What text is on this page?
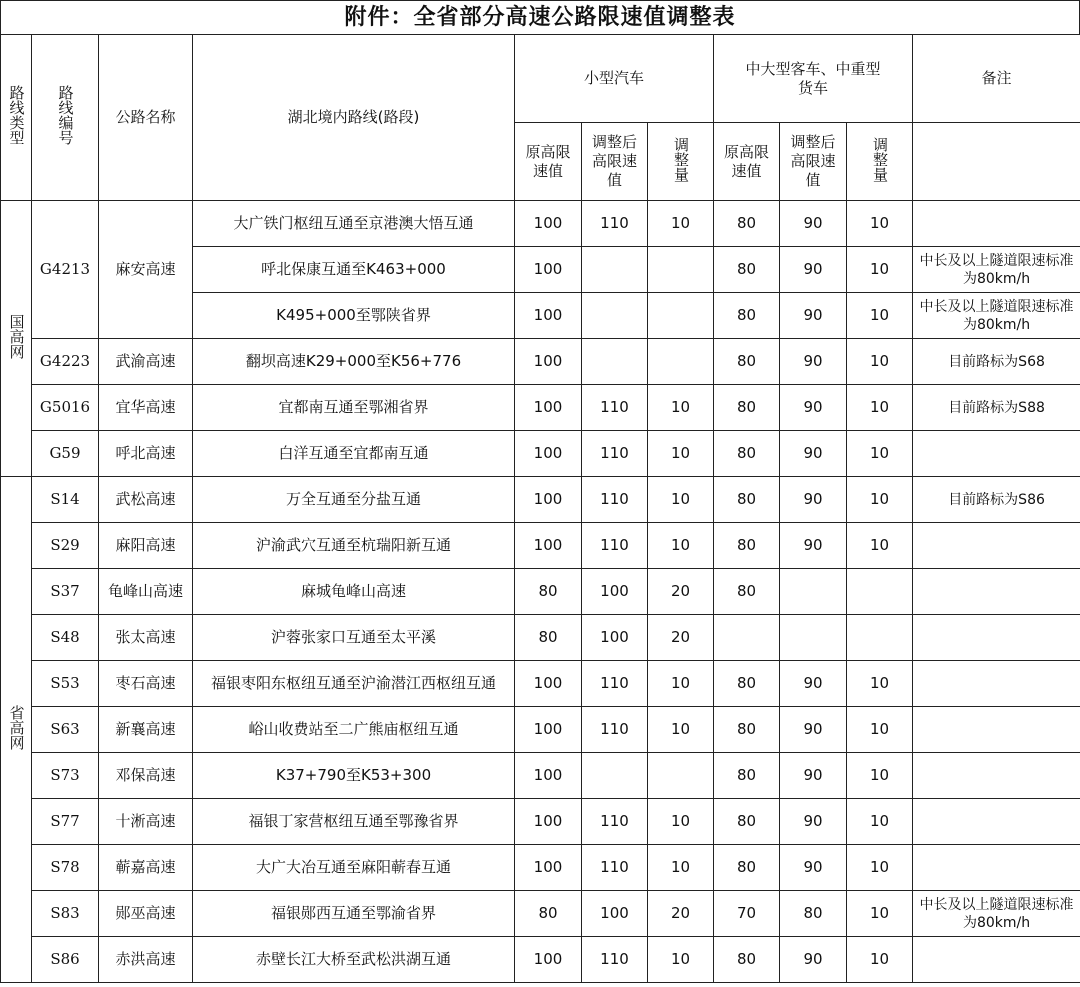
附件：全省部分高速公路限速值调整表
路线类型	路线编号	公路名称	湖北境内路线(路段)	小型汽车			中大型客车、中重型货车			备注

				原高限速值	调整后高限速值	调整量	原高限速值	调整后高限速值	调整量	
国高网	G4213	麻安高速	大广铁门枢纽互通至京港澳大悟互通	100	110	10	80	90	10	
			呼北保康互通至K463+000	100			80	90	10	中长及以上隧道限速标准为80km/h
			K495+000至鄂陕省界	100			80	90	10	中长及以上隧道限速标准为80km/h
	G4223	武渝高速	翻坝高速K29+000至K56+776	100			80	90	10	目前路标为S68
	G5016	宜华高速	宜都南互通至鄂湘省界	100	110	10	80	90	10	目前路标为S88
	G59	呼北高速	白洋互通至宜都南互通	100	110	10	80	90	10	
省高网	S14	武松高速	万全互通至分盐互通	100	110	10	80	90	10	目前路标为S86
	S29	麻阳高速	沪渝武穴互通至杭瑞阳新互通	100	110	10	80	90	10	
	S37	龟峰山高速	麻城龟峰山高速	80	100	20	80			
	S48	张太高速	沪蓉张家口互通至太平溪	80	100	20				
	S53	枣石高速	福银枣阳东枢纽互通至沪渝潜江西枢纽互通	100	110	10	80	90	10	
	S63	新襄高速	峪山收费站至二广熊庙枢纽互通	100	110	10	80	90	10	
	S73	邓保高速	K37+790至K53+300	100			80	90	10	
	S77	十淅高速	福银丁家营枢纽互通至鄂豫省界	100	110	10	80	90	10	
	S78	蕲嘉高速	大广大冶互通至麻阳蕲春互通	100	110	10	80	90	10	
	S83	郧巫高速	福银郧西互通至鄂渝省界	80	100	20	70	80	10	中长及以上隧道限速标准为80km/h
	S86	赤洪高速	赤壁长江大桥至武松洪湖互通	100	110	10	80	90	10	
